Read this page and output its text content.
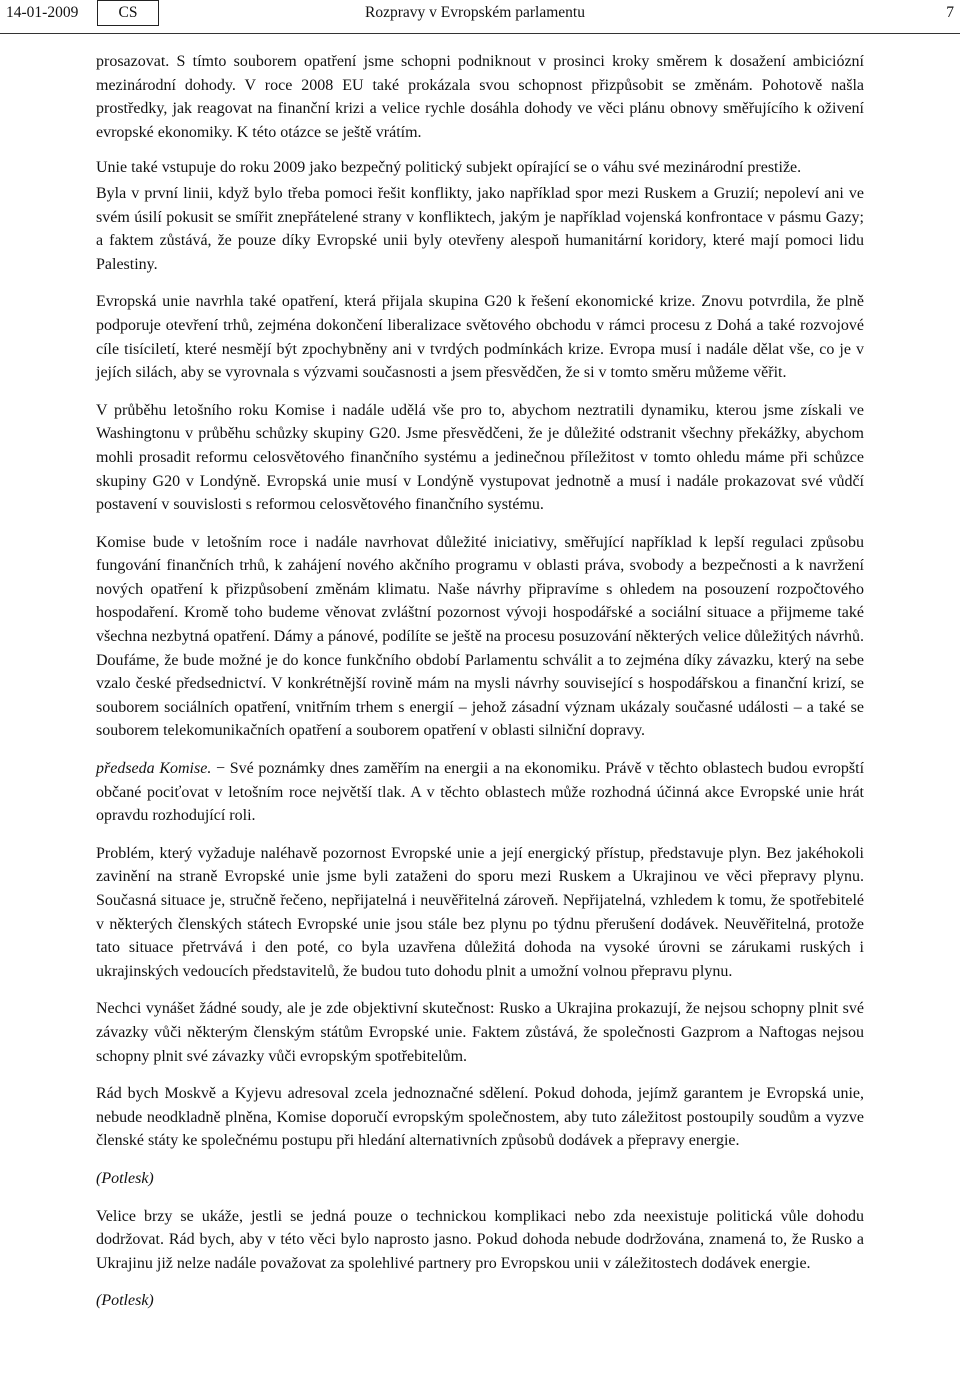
14-01-2009	CS	Rozpravy v Evropském parlamentu	7

prosazovat. S tímto souborem opatření jsme schopni podniknout v prosinci kroky směrem k dosažení ambiciózní mezinárodní dohody. V roce 2008 EU také prokázala svou schopnost přizpůsobit se změnám. Pohotově našla prostředky, jak reagovat na finanční krizi a velice rychle dosáhla dohody ve věci plánu obnovy směřujícího k oživení evropské ekonomiky. K této otázce se ještě vrátím.

Unie také vstupuje do roku 2009 jako bezpečný politický subjekt opírající se o váhu své mezinárodní prestiže.

Byla v první linii, když bylo třeba pomoci řešit konflikty, jako například spor mezi Ruskem a Gruzií; nepoleví ani ve svém úsilí pokusit se smířit znepřátelené strany v konfliktech, jakým je například vojenská konfrontace v pásmu Gazy; a faktem zůstává, že pouze díky Evropské unii byly otevřeny alespoň humanitární koridory, které mají pomoci lidu Palestiny.

Evropská unie navrhla také opatření, která přijala skupina G20 k řešení ekonomické krize. Znovu potvrdila, že plně podporuje otevření trhů, zejména dokončení liberalizace světového obchodu v rámci procesu z Dohá a také rozvojové cíle tisíciletí, které nesmějí být zpochybněny ani v tvrdých podmínkách krize. Evropa musí i nadále dělat vše, co je v jejích silách, aby se vyrovnala s výzvami současnosti a jsem přesvědčen, že si v tomto směru můžeme věřit.

V průběhu letošního roku Komise i nadále udělá vše pro to, abychom neztratili dynamiku, kterou jsme získali ve Washingtonu v průběhu schůzky skupiny G20. Jsme přesvědčeni, že je důležité odstranit všechny překážky, abychom mohli prosadit reformu celosvětového finančního systému a jedinečnou příležitost v tomto ohledu máme při schůzce skupiny G20 v Londýně. Evropská unie musí v Londýně vystupovat jednotně a musí i nadále prokazovat své vůdčí postavení v souvislosti s reformou celosvětového finančního systému.

Komise bude v letošním roce i nadále navrhovat důležité iniciativy, směřující například k lepší regulaci způsobu fungování finančních trhů, k zahájení nového akčního programu v oblasti práva, svobody a bezpečnosti a k navržení nových opatření k přizpůsobení změnám klimatu. Naše návrhy připravíme s ohledem na posouzení rozpočtového hospodaření. Kromě toho budeme věnovat zvláštní pozornost vývoji hospodářské a sociální situace a přijmeme také všechna nezbytná opatření. Dámy a pánové, podílíte se ještě na procesu posuzování některých velice důležitých návrhů. Doufáme, že bude možné je do konce funkčního období Parlamentu schválit a to zejména díky závazku, který na sebe vzalo české předsednictví. V konkrétnější rovině mám na mysli návrhy související s hospodářskou a finanční krizí, se souborem sociálních opatření, vnitřním trhem s energií – jehož zásadní význam ukázaly současné události – a také se souborem telekomunikačních opatření a souborem opatření v oblasti silniční dopravy.

předseda Komise. − Své poznámky dnes zaměřím na energii a na ekonomiku. Právě v těchto oblastech budou evropští občané pociťovat v letošním roce největší tlak. A v těchto oblastech může rozhodná účinná akce Evropské unie hrát opravdu rozhodující roli.

Problém, který vyžaduje naléhavě pozornost Evropské unie a její energický přístup, představuje plyn. Bez jakéhokoli zavinění na straně Evropské unie jsme byli zataženi do sporu mezi Ruskem a Ukrajinou ve věci přepravy plynu. Současná situace je, stručně řečeno, nepřijatelná i neuvěřitelná zároveň. Nepřijatelná, vzhledem k tomu, že spotřebitelé v některých členských státech Evropské unie jsou stále bez plynu po týdnu přerušení dodávek. Neuvěřitelná, protože tato situace přetrvává i den poté, co byla uzavřena důležitá dohoda na vysoké úrovni se zárukami ruských i ukrajinských vedoucích představitelů, že budou tuto dohodu plnit a umožní volnou přepravu plynu.

Nechci vynášet žádné soudy, ale je zde objektivní skutečnost: Rusko a Ukrajina prokazují, že nejsou schopny plnit své závazky vůči některým členským státům Evropské unie. Faktem zůstává, že společnosti Gazprom a Naftogas nejsou schopny plnit své závazky vůči evropským spotřebitelům.

Rád bych Moskvě a Kyjevu adresoval zcela jednoznačné sdělení. Pokud dohoda, jejímž garantem je Evropská unie, nebude neodkladně plněna, Komise doporučí evropským společnostem, aby tuto záležitost postoupily soudům a vyzve členské státy ke společnému postupu při hledání alternativních způsobů dodávek a přepravy energie.

(Potlesk)

Velice brzy se ukáže, jestli se jedná pouze o technickou komplikaci nebo zda neexistuje politická vůle dohodu dodržovat. Rád bych, aby v této věci bylo naprosto jasno. Pokud dohoda nebude dodržována, znamená to, že Rusko a Ukrajinu již nelze nadále považovat za spolehlivé partnery pro Evropskou unii v záležitostech dodávek energie.

(Potlesk)
